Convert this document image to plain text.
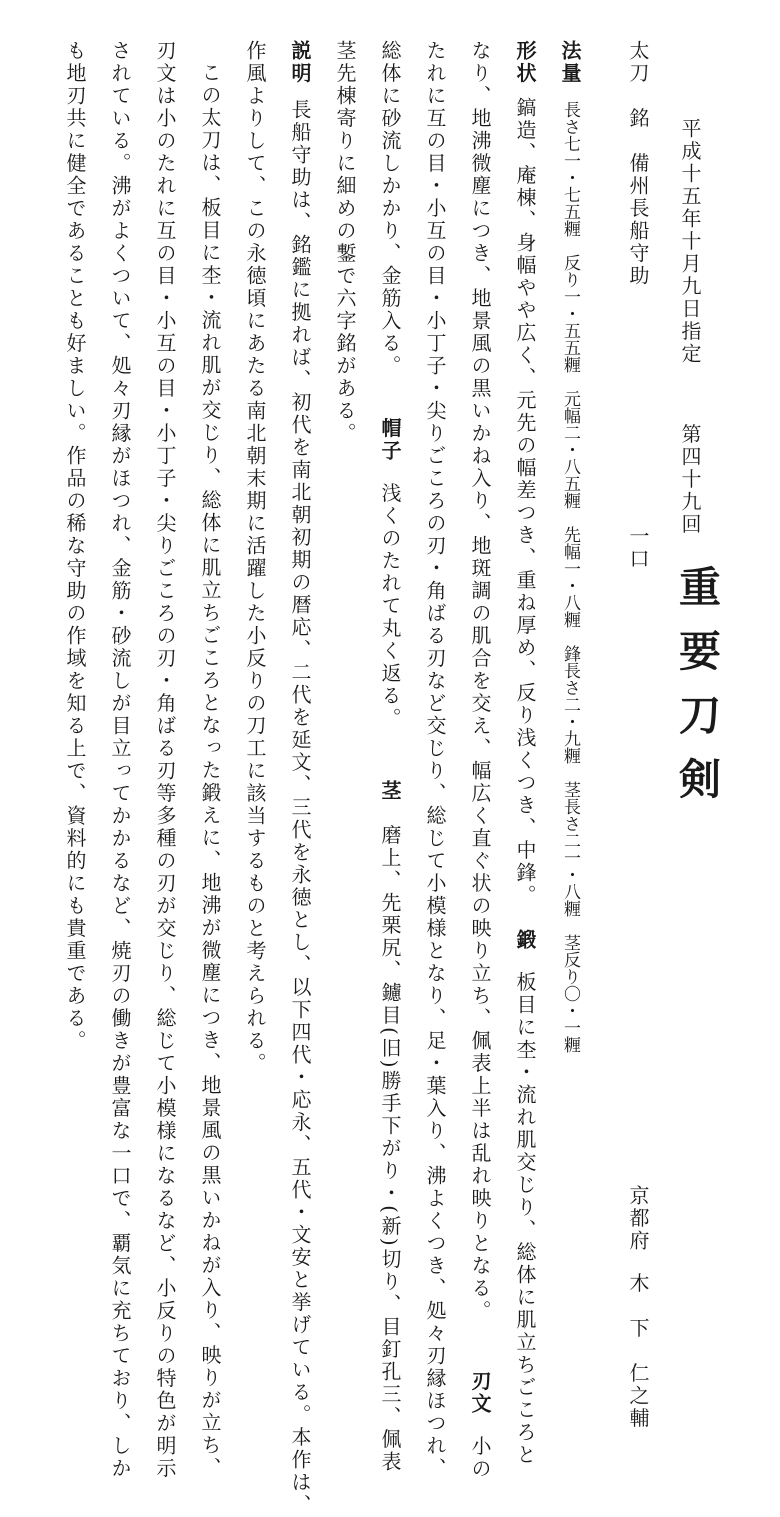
平成十五年十月九日指定第四十九回
重要刀剣
太刀　銘　備州長船守助一口
京都府木　下　仁之輔
法量長さ七一・七五糎　反り一・五五糎　元幅二・八五糎　先幅一・八糎　鋒長さ二・九糎　茎長さ二一・八糎　茎反り〇・一糎
形状鎬造、庵棟、身幅やや広く、元先の幅差つき、重ね厚め、反り浅くつき、中鋒。鍛板目に杢・流れ肌交じり、総体に肌立ちごころと
なり、地沸微塵につき、地景風の黒いかね入り、地斑調の肌合を交え、幅広く直ぐ状の映り立ち、佩表上半は乱れ映りとなる。刃文小の
たれに互の目・小互の目・小丁子・尖りごころの刃・角ばる刃など交じり、総じて小模様となり、足・葉入り、沸よくつき、処々刃縁ほつれ、
総体に砂流しかかり、金筋入る。帽子浅くのたれて丸く返る。茎磨上、先栗尻、鑢目(旧)勝手下がり・(新)切り、目釘孔三、佩表
茎先棟寄りに細めの鏨で六字銘がある。
説明長船守助は、銘鑑に拠れば、初代を南北朝初期の暦応、二代を延文、三代を永徳とし、以下四代・応永、五代・文安と挙げている。本作は、
作風よりして、この永徳頃にあたる南北朝末期に活躍した小反りの刀工に該当するものと考えられる。
この太刀は、板目に杢・流れ肌が交じり、総体に肌立ちごころとなった鍛えに、地沸が微塵につき、地景風の黒いかねが入り、映りが立ち、
刃文は小のたれに互の目・小互の目・小丁子・尖りごころの刃・角ばる刃等多種の刃が交じり、総じて小模様になるなど、小反りの特色が明示
されている。沸がよくついて、処々刃縁がほつれ、金筋・砂流しが目立ってかかるなど、焼刃の働きが豊富な一口で、覇気に充ちており、しか
も地刃共に健全であることも好ましい。作品の稀な守助の作域を知る上で、資料的にも貴重である。
